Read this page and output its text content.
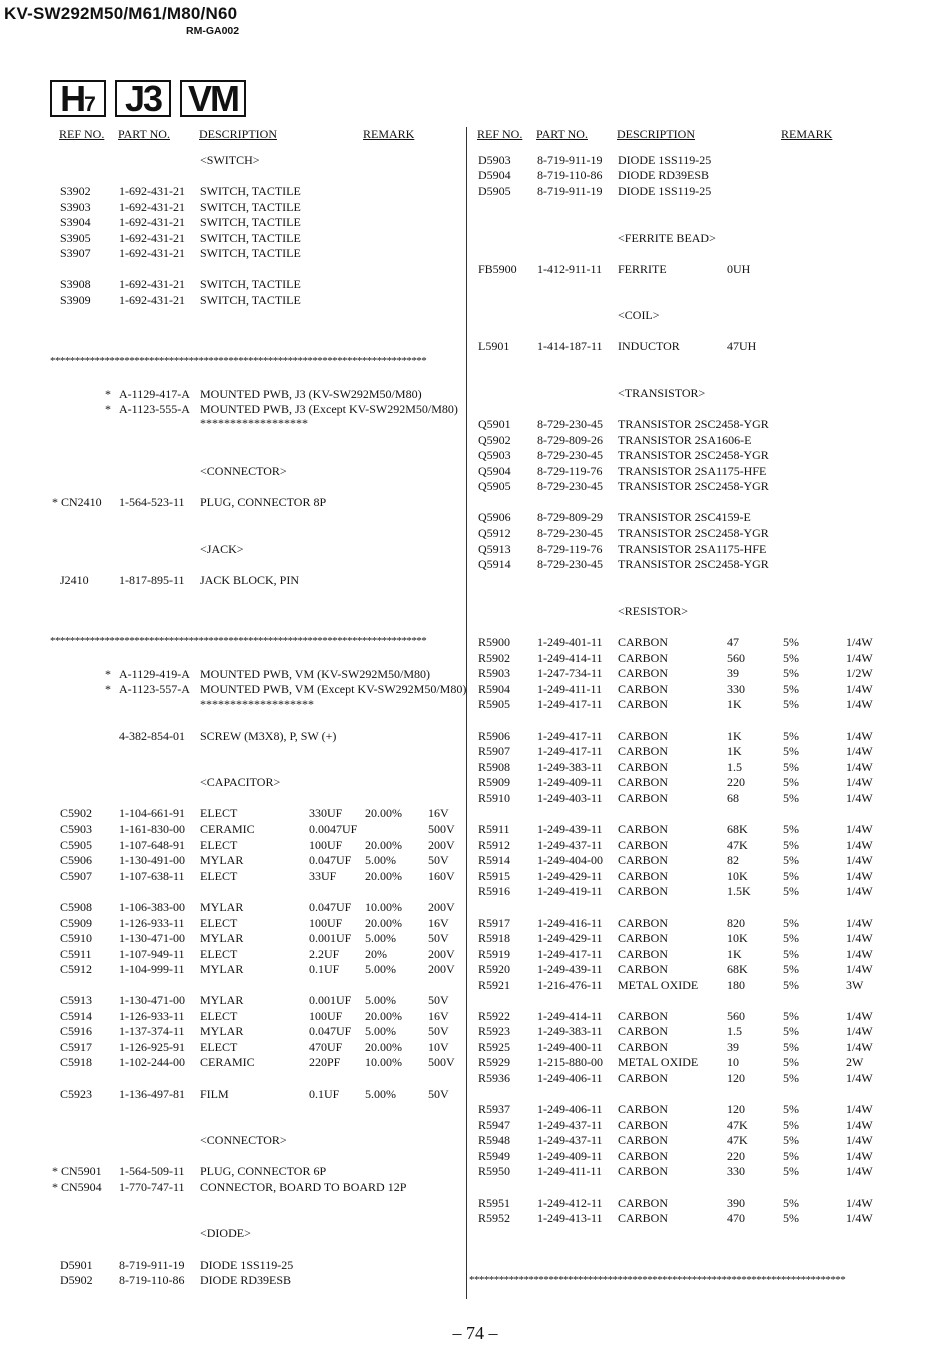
KV-SW292M50/M61/M80/N60
RM-GA002
H7 J3 VM
REF NO. PART NO. DESCRIPTION	REMARK	REF NO. PART NO. DESCRIPTION	REMARK
****************************************************************************
****************************************************************************
****************************************************************************
<SWITCH>
S3902 1-692-431-21 SWITCH, TACTILE
S3903 1-692-431-21 SWITCH, TACTILE
S3904 1-692-431-21 SWITCH, TACTILE
S3905 1-692-431-21 SWITCH, TACTILE
S3907 1-692-431-21 SWITCH, TACTILE
S3908 1-692-431-21 SWITCH, TACTILE
S3909 1-692-431-21 SWITCH, TACTILE
* A-1129-417-A MOUNTED PWB, J3 (KV-SW292M50/M80)
* A-1123-555-A MOUNTED PWB, J3 (Except KV-SW292M50/M80)
******************
<CONNECTOR>
* CN2410 1-564-523-11 PLUG, CONNECTOR 8P
<JACK>
J2410	1-817-895-11 JACK BLOCK, PIN
* A-1129-419-A MOUNTED PWB, VM (KV-SW292M50/M80)
* A-1123-557-A MOUNTED PWB, VM (Except KV-SW292M50/M80)
*******************
4-382-854-01 SCREW (M3X8), P, SW (+)
<CAPACITOR>
C5902 1-104-661-91 ELECT	330UF 20.00% 16V
C5903 1-161-830-00 CERAMIC	0.0047UF	500V
C5905 1-107-648-91 ELECT	100UF 20.00% 200V
C5906 1-130-491-00 MYLAR	0.047UF 5.00%	50V
C5907 1-107-638-11 ELECT	33UF 20.00% 160V
C5908 1-106-383-00 MYLAR	0.047UF 10.00% 200V
C5909 1-126-933-11 ELECT	100UF 20.00% 16V
C5910 1-130-471-00 MYLAR	0.001UF 5.00%	50V
C5911 1-107-949-11 ELECT	2.2UF 20%	200V
C5912 1-104-999-11 MYLAR	0.1UF 5.00%	200V
C5913 1-130-471-00 MYLAR	0.001UF 5.00%	50V
C5914 1-126-933-11 ELECT	100UF 20.00% 16V
C5916 1-137-374-11 MYLAR	0.047UF 5.00%	50V
C5917 1-126-925-91 ELECT	470UF 20.00% 10V
C5918 1-102-244-00 CERAMIC	220PF 10.00% 500V
C5923 1-136-497-81 FILM	0.1UF 5.00%	50V
<CONNECTOR>
* CN5901 1-564-509-11 PLUG, CONNECTOR 6P
* CN5904 1-770-747-11 CONNECTOR, BOARD TO BOARD 12P
<DIODE>
D5901 8-719-911-19 DIODE 1SS119-25
D5902 8-719-110-86 DIODE RD39ESB
D5903 8-719-911-19 DIODE 1SS119-25
D5904 8-719-110-86 DIODE RD39ESB
D5905 8-719-911-19 DIODE 1SS119-25
<FERRITE BEAD>
FB5900 1-412-911-11 FERRITE	0UH
<COIL>
L5901 1-414-187-11 INDUCTOR	47UH
<TRANSISTOR>
Q5901 8-729-230-45 TRANSISTOR 2SC2458-YGR
Q5902 8-729-809-26 TRANSISTOR 2SA1606-E
Q5903 8-729-230-45 TRANSISTOR 2SC2458-YGR
Q5904 8-729-119-76 TRANSISTOR 2SA1175-HFE
Q5905 8-729-230-45 TRANSISTOR 2SC2458-YGR
Q5906 8-729-809-29 TRANSISTOR 2SC4159-E
Q5912 8-729-230-45 TRANSISTOR 2SC2458-YGR
Q5913 8-729-119-76 TRANSISTOR 2SA1175-HFE
Q5914 8-729-230-45 TRANSISTOR 2SC2458-YGR
<RESISTOR>
R5900 1-249-401-11 CARBON	47	5%	1/4W
R5902 1-249-414-11 CARBON	560	5%	1/4W
R5903 1-247-734-11 CARBON	39	5%	1/2W
R5904 1-249-411-11 CARBON	330	5%	1/4W
R5905 1-249-417-11 CARBON	1K	5%	1/4W
R5906 1-249-417-11 CARBON	1K	5%	1/4W
R5907 1-249-417-11 CARBON	1K	5%	1/4W
R5908 1-249-383-11 CARBON	1.5	5%	1/4W
R5909 1-249-409-11 CARBON	220	5%	1/4W
R5910 1-249-403-11 CARBON	68	5%	1/4W
R5911 1-249-439-11 CARBON	68K	5%	1/4W
R5912 1-249-437-11 CARBON	47K	5%	1/4W
R5914 1-249-404-00 CARBON	82	5%	1/4W
R5915 1-249-429-11 CARBON	10K	5%	1/4W
R5916 1-249-419-11 CARBON	1.5K	5%	1/4W
R5917 1-249-416-11 CARBON	820	5%	1/4W
R5918 1-249-429-11 CARBON	10K	5%	1/4W
R5919 1-249-417-11 CARBON	1K	5%	1/4W
R5920 1-249-439-11 CARBON	68K	5%	1/4W
R5921 1-216-476-11 METAL OXIDE 180	5%	3W
R5922 1-249-414-11 CARBON	560	5%	1/4W
R5923 1-249-383-11 CARBON	1.5	5%	1/4W
R5925 1-249-400-11 CARBON	39	5%	1/4W
R5929 1-215-880-00 METAL OXIDE 10	5%	2W
R5936 1-249-406-11 CARBON	120	5%	1/4W
R5937 1-249-406-11 CARBON	120	5%	1/4W
R5947 1-249-437-11 CARBON	47K	5%	1/4W
R5948 1-249-437-11 CARBON	47K	5%	1/4W
R5949 1-249-409-11 CARBON	220	5%	1/4W
R5950 1-249-411-11 CARBON	330	5%	1/4W
R5951 1-249-412-11 CARBON	390	5%	1/4W
R5952 1-249-413-11 CARBON	470	5%	1/4W
– 74 –
